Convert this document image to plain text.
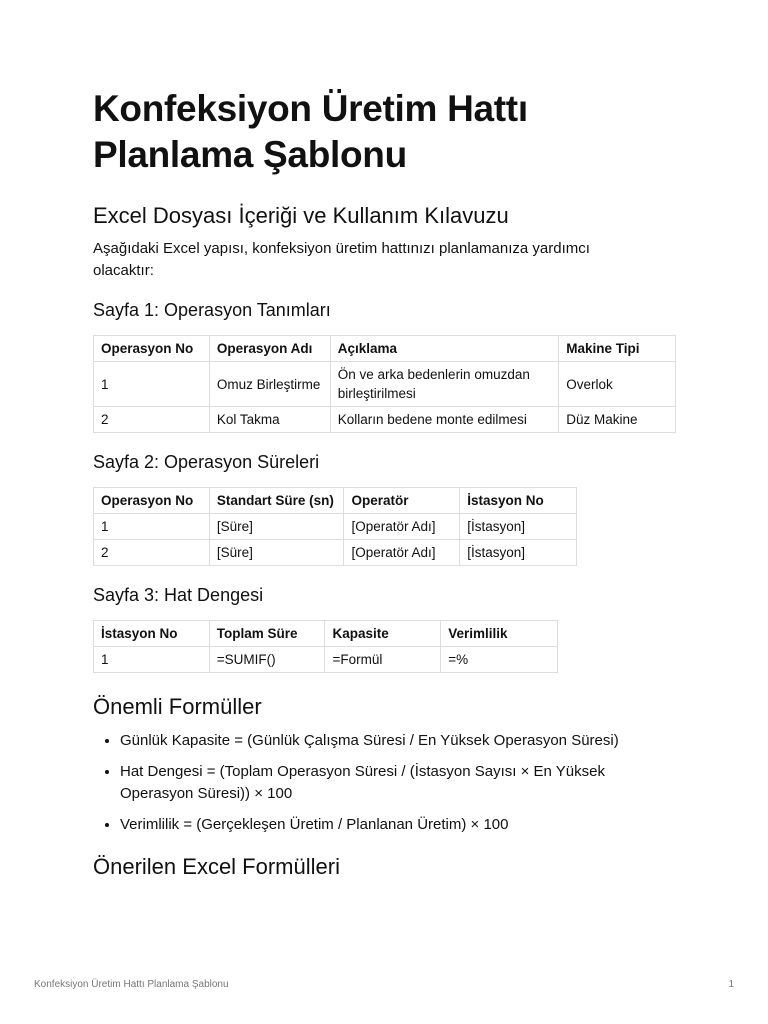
Konfeksiyon Üretim Hattı Planlama Şablonu
Excel Dosyası İçeriği ve Kullanım Kılavuzu

Aşağıdaki Excel yapısı, konfeksiyon üretim hattınızı planlamanıza yardımcı olacaktır:

Sayfa 1: Operasyon Tanımları
Operasyon No	Operasyon Adı	Açıklama	Makine Tipi
1	Omuz Birleştirme	Ön ve arka bedenlerin omuzdan birleştirilmesi	Overlok
2	Kol Takma	Kolların bedene monte edilmesi	Düz Makine
Sayfa 2: Operasyon Süreleri
Operasyon No	Standart Süre (sn)	Operatör	İstasyon No
1	[Süre]	[Operatör Adı]	[İstasyon]
2	[Süre]	[Operatör Adı]	[İstasyon]
Sayfa 3: Hat Dengesi
İstasyon No	Toplam Süre	Kapasite	Verimlilik
1	=SUMIF()	=Formül	=%
Önemli Formüller
• Günlük Kapasite = (Günlük Çalışma Süresi / En Yüksek Operasyon Süresi)
• Hat Dengesi = (Toplam Operasyon Süresi / (İstasyon Sayısı × En Yüksek Operasyon Süresi)) × 100
• Verimlilik = (Gerçekleşen Üretim / Planlanan Üretim) × 100
Önerilen Excel Formülleri
Konfeksiyon Üretim Hattı Planlama Şablonu	1
